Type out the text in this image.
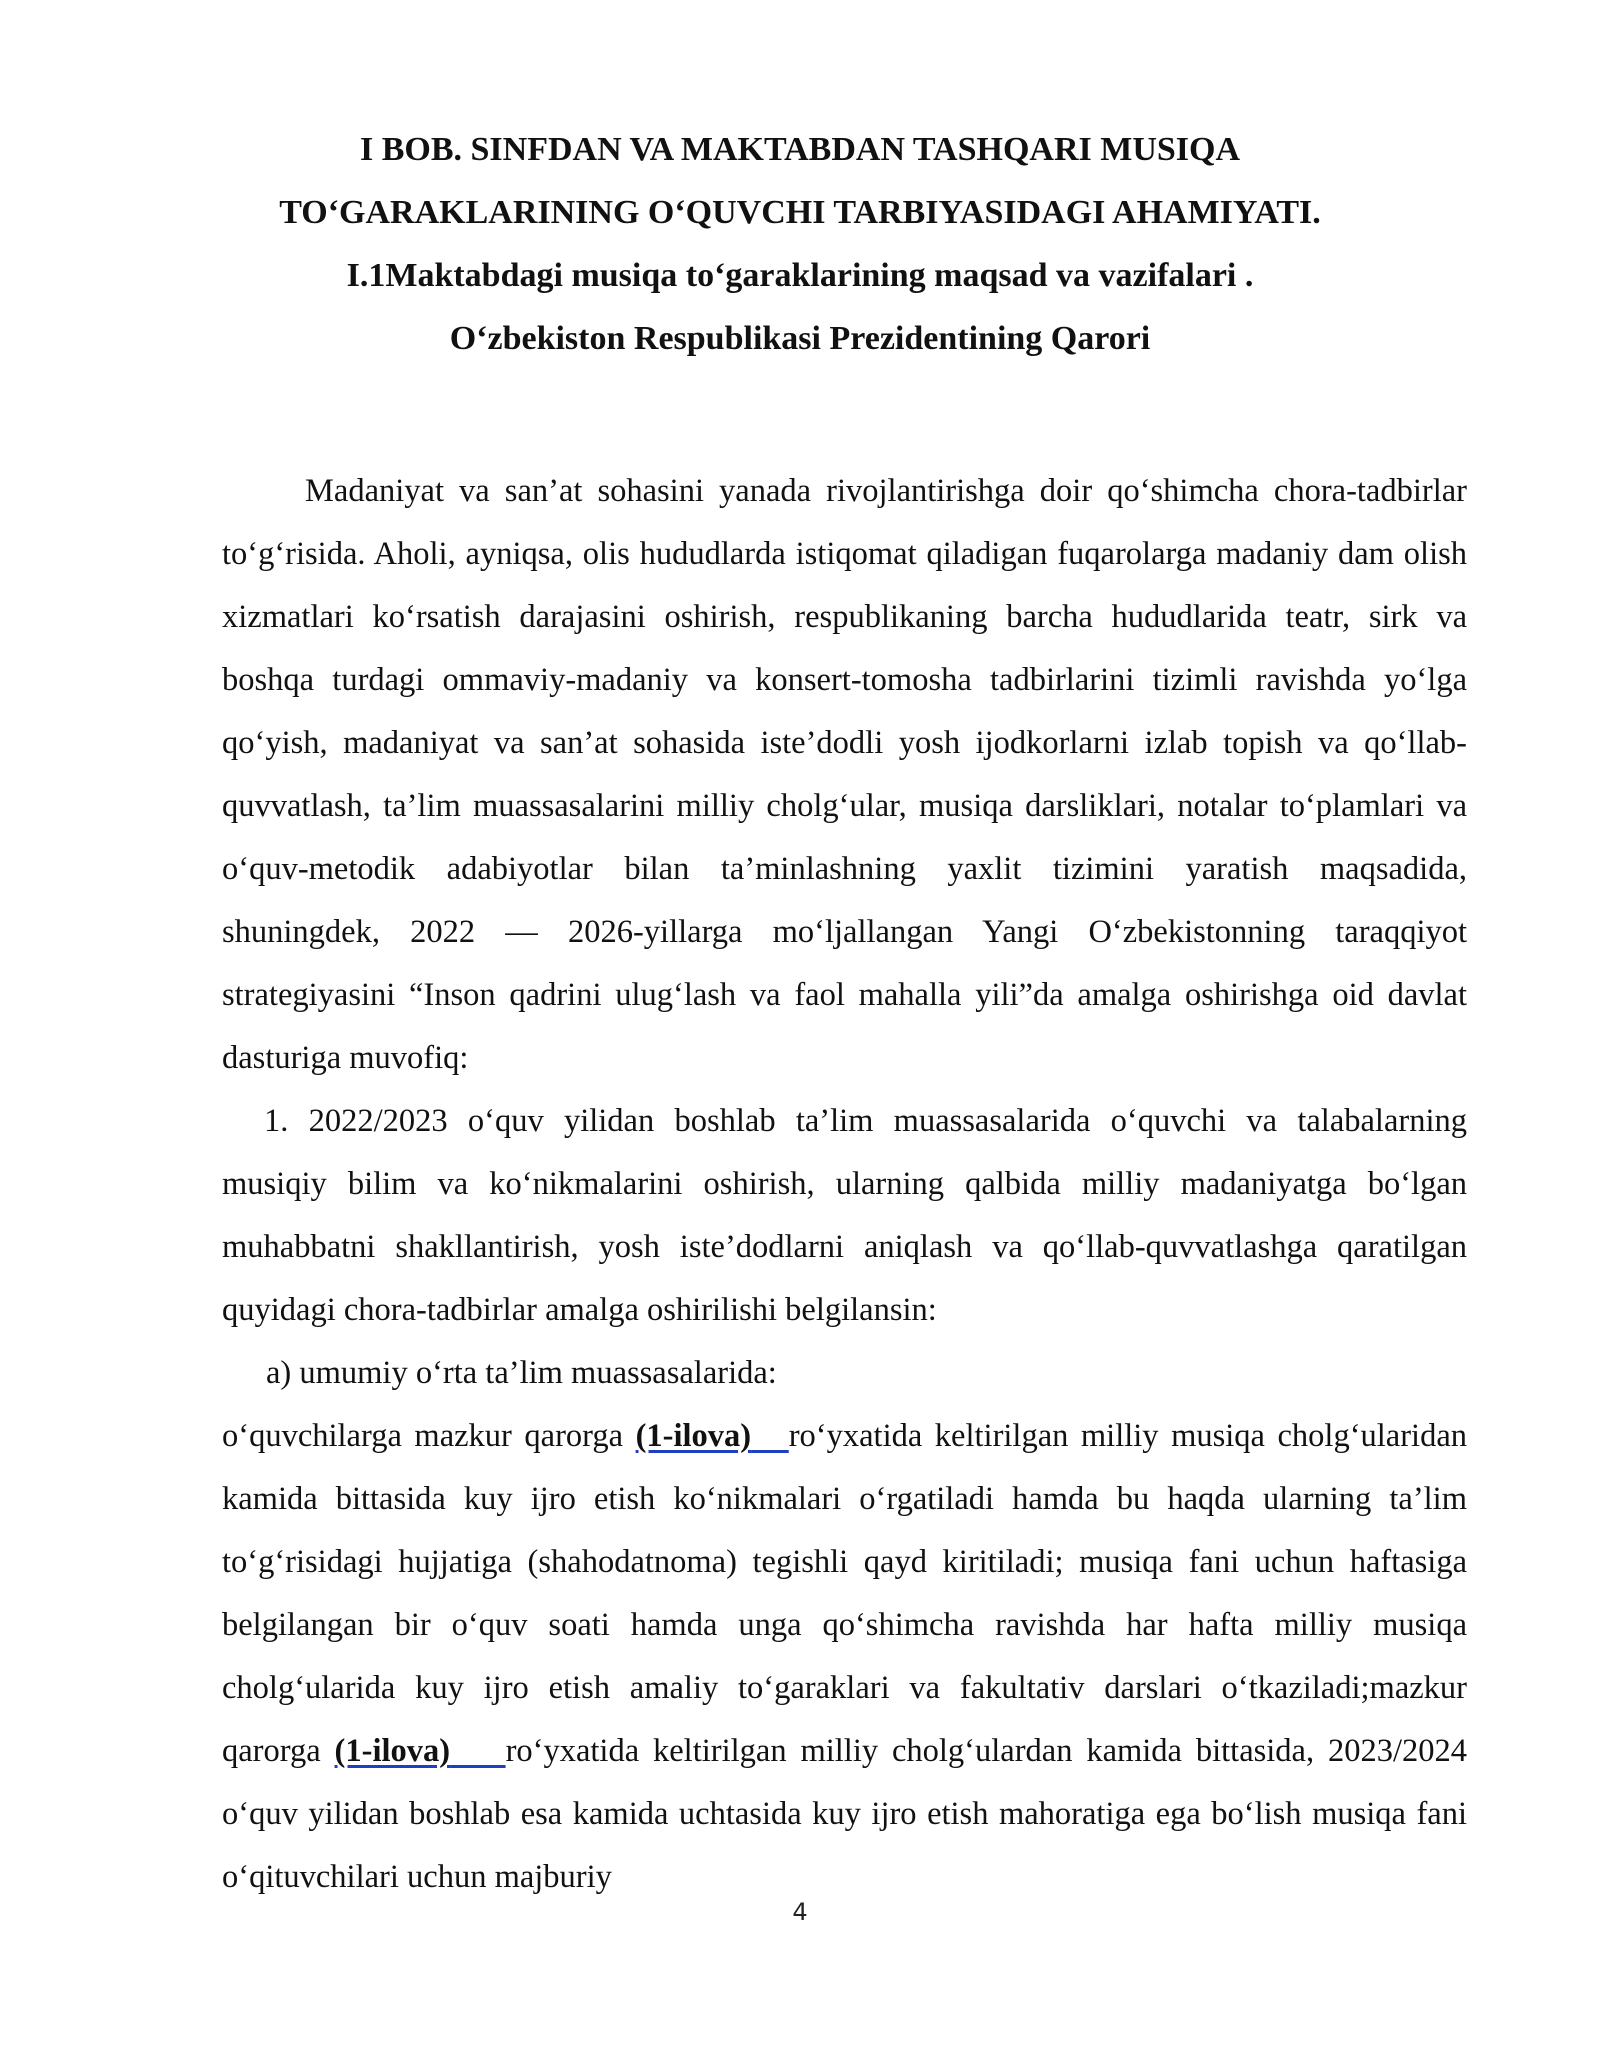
I BOB. SINFDAN VA MAKTABDAN TASHQARI MUSIQA
TO‘GARAKLARINING O‘QUVCHI TARBIYASIDAGI AHAMIYATI.
I.1Maktabdagi musiqa to‘garaklarining maqsad va vazifalari .
O‘zbekiston Respublikasi Prezidentining Qarori

Madaniyat va san’at sohasini yanada rivojlantirishga doir qo‘shimcha chora-tadbirlar to‘g‘risida. Aholi, ayniqsa, olis hududlarda istiqomat qiladigan fuqarolarga madaniy dam olish xizmatlari ko‘rsatish darajasini oshirish, respublikaning barcha hududlarida teatr, sirk va boshqa turdagi ommaviy-madaniy va konsert-tomosha tadbirlarini tizimli ravishda yo‘lga qo‘yish, madaniyat va san’at sohasida iste’dodli yosh ijodkorlarni izlab topish va qo‘llab-quvvatlash, ta’lim muassasalarini milliy cholg‘ular, musiqa darsliklari, notalar to‘plamlari va o‘quv-metodik adabiyotlar bilan ta’minlashning yaxlit tizimini yaratish maqsadida, shuningdek, 2022 — 2026-yillarga mo‘ljallangan Yangi O‘zbekistonning taraqqiyot strategiyasini “Inson qadrini ulug‘lash va faol mahalla yili”da amalga oshirishga oid davlat dasturiga muvofiq:

1. 2022/2023 o‘quv yilidan boshlab ta’lim muassasalarida o‘quvchi va talabalarning musiqiy bilim va ko‘nikmalarini oshirish, ularning qalbida milliy madaniyatga bo‘lgan muhabbatni shakllantirish, yosh iste’dodlarni aniqlash va qo‘llab-quvvatlashga qaratilgan quyidagi chora-tadbirlar amalga oshirilishi belgilansin:

a) umumiy o‘rta ta’lim muassasalarida:

o‘quvchilarga mazkur qarorga (1-ilova) ro‘yxatida keltirilgan milliy musiqa cholg‘ularidan kamida bittasida kuy ijro etish ko‘nikmalari o‘rgatiladi hamda bu haqda ularning ta’lim to‘g‘risidagi hujjatiga (shahodatnoma) tegishli qayd kiritiladi; musiqa fani uchun haftasiga belgilangan bir o‘quv soati hamda unga qo‘shimcha ravishda har hafta milliy musiqa cholg‘ularida kuy ijro etish amaliy to‘garaklari va fakultativ darslari o‘tkaziladi;mazkur qarorga (1-ilova) ro‘yxatida keltirilgan milliy cholg‘ulardan kamida bittasida, 2023/2024 o‘quv yilidan boshlab esa kamida uchtasida kuy ijro etish mahoratiga ega bo‘lish musiqa fani o‘qituvchilari uchun majburiy

4
